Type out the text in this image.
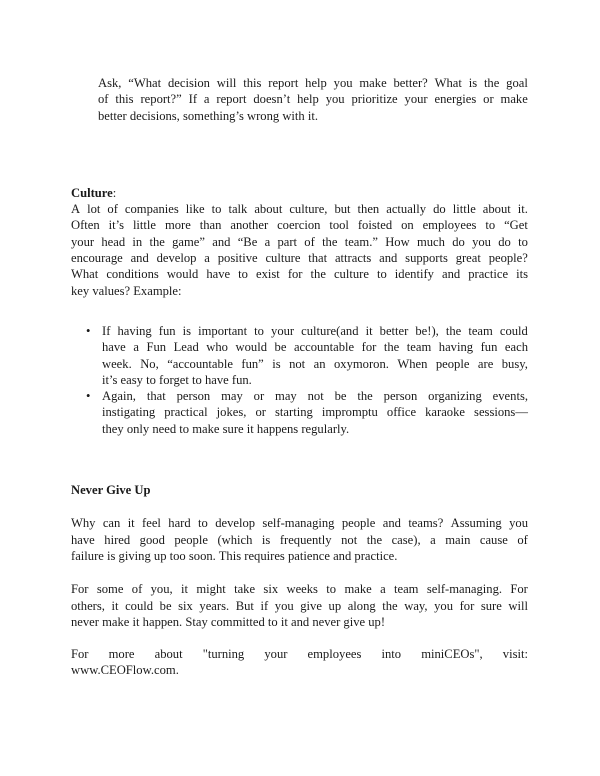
Ask, “What decision will this report help you make better? What is the goal
of this report?” If a report doesn’t help you prioritize your energies or make
better decisions, something’s wrong with it.
Culture:
A lot of companies like to talk about culture, but then actually do little about it.
Often it’s little more than another coercion tool foisted on employees to “Get
your head in the game” and “Be a part of the team.” How much do you do to
encourage and develop a positive culture that attracts and supports great people?
What conditions would have to exist for the culture to identify and practice its
key values? Example:
• If having fun is important to your culture(and it better be!), the team could
have a Fun Lead who would be accountable for the team having fun each
week. No, “accountable fun” is not an oxymoron. When people are busy,
it’s easy to forget to have fun.
• Again, that person may or may not be the person organizing events,
instigating practical jokes, or starting impromptu office karaoke sessions—
they only need to make sure it happens regularly.
Never Give Up
Why can it feel hard to develop self-managing people and teams? Assuming you
have hired good people (which is frequently not the case), a main cause of
failure is giving up too soon. This requires patience and practice.
For some of you, it might take six weeks to make a team self-managing. For
others, it could be six years. But if you give up along the way, you for sure will
never make it happen. Stay committed to it and never give up!
For more about "turning your employees into miniCEOs", visit:
www.CEOFlow.com.
